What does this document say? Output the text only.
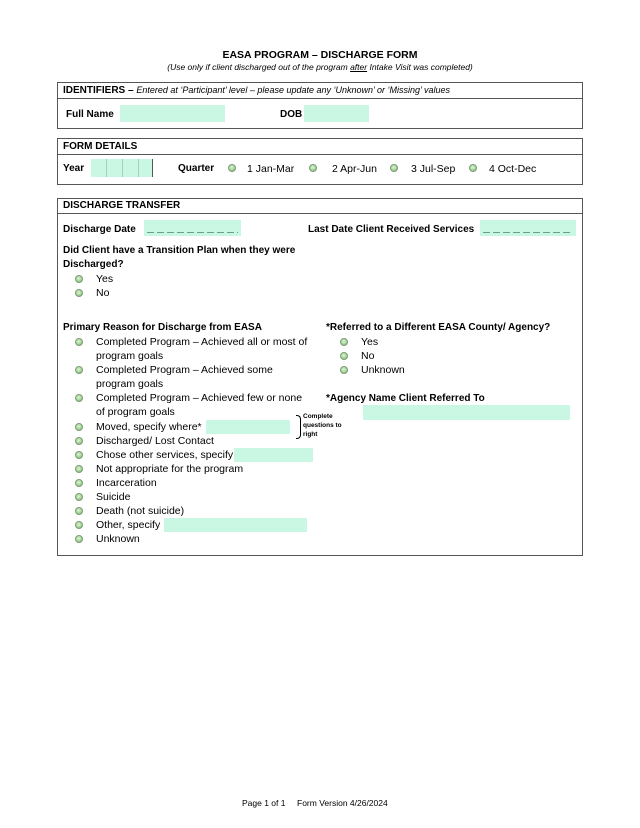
EASA PROGRAM – DISCHARGE FORM
(Use only if client discharged out of the program after Intake Visit was completed)
IDENTIFIERS – Entered at ‘Participant’ level – please update any ‘Unknown’ or ‘Missing’ values
Full Name	DOB
FORM DETAILS
Year	Quarter	1 Jan-Mar	2 Apr-Jun	3 Jul-Sep	4 Oct-Dec
DISCHARGE TRANSFER
Discharge Date	Last Date Client Received Services
Did Client have a Transition Plan when they were
Discharged?
Yes
No
Primary Reason for Discharge from EASA
Completed Program – Achieved all or most of
program goals
Completed Program – Achieved some
program goals
Completed Program – Achieved few or none
of program goals
Moved, specify where*
Complete
questions to
right
Discharged/ Lost Contact
Chose other services, specify
Not appropriate for the program
Incarceration
Suicide
Death (not suicide)
Other, specify
Unknown
*Referred to a Different EASA County/ Agency?
Yes
No
Unknown
*Agency Name Client Referred To
Page 1 of 1 Form Version 4/26/2024
